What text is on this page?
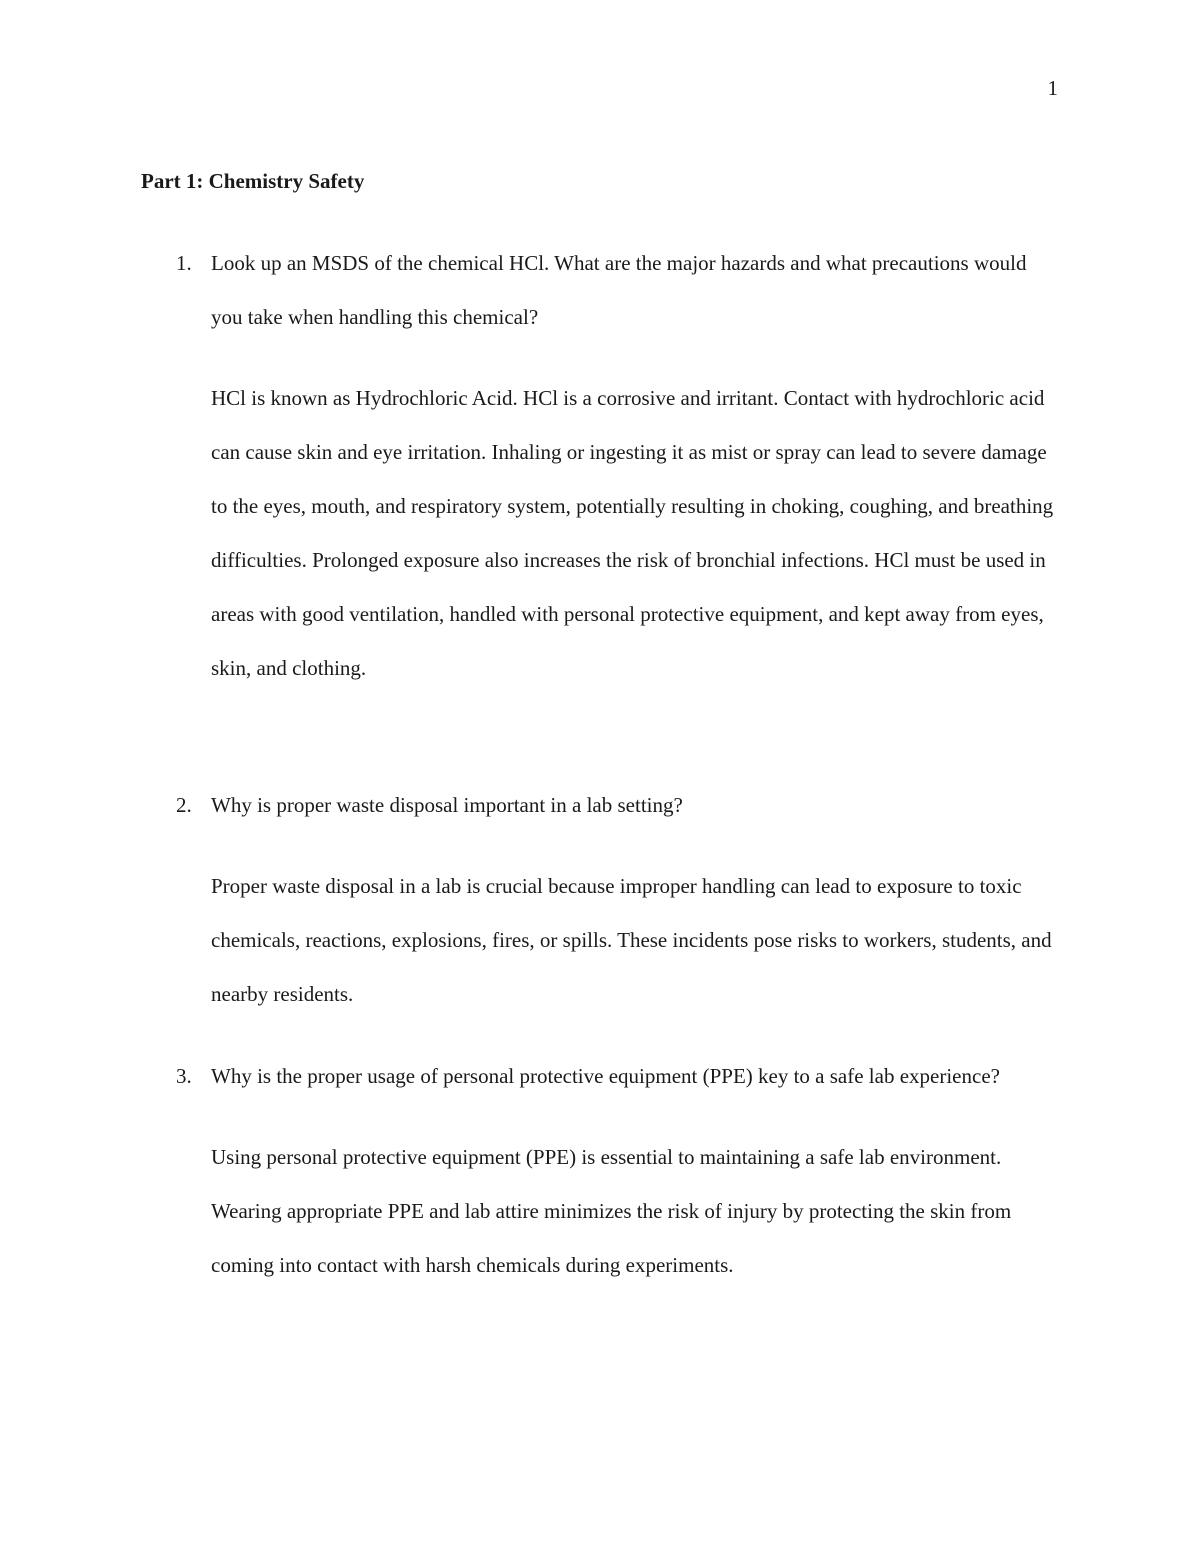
1
Part 1: Chemistry Safety

1. Look up an MSDS of the chemical HCl. What are the major hazards and what precautions would you take when handling this chemical?

HCl is known as Hydrochloric Acid. HCl is a corrosive and irritant. Contact with hydrochloric acid can cause skin and eye irritation. Inhaling or ingesting it as mist or spray can lead to severe damage to the eyes, mouth, and respiratory system, potentially resulting in choking, coughing, and breathing difficulties. Prolonged exposure also increases the risk of bronchial infections. HCl must be used in areas with good ventilation, handled with personal protective equipment, and kept away from eyes, skin, and clothing.

2. Why is proper waste disposal important in a lab setting?

Proper waste disposal in a lab is crucial because improper handling can lead to exposure to toxic chemicals, reactions, explosions, fires, or spills. These incidents pose risks to workers, students, and nearby residents.

3. Why is the proper usage of personal protective equipment (PPE) key to a safe lab experience?

Using personal protective equipment (PPE) is essential to maintaining a safe lab environment. Wearing appropriate PPE and lab attire minimizes the risk of injury by protecting the skin from coming into contact with harsh chemicals during experiments.
